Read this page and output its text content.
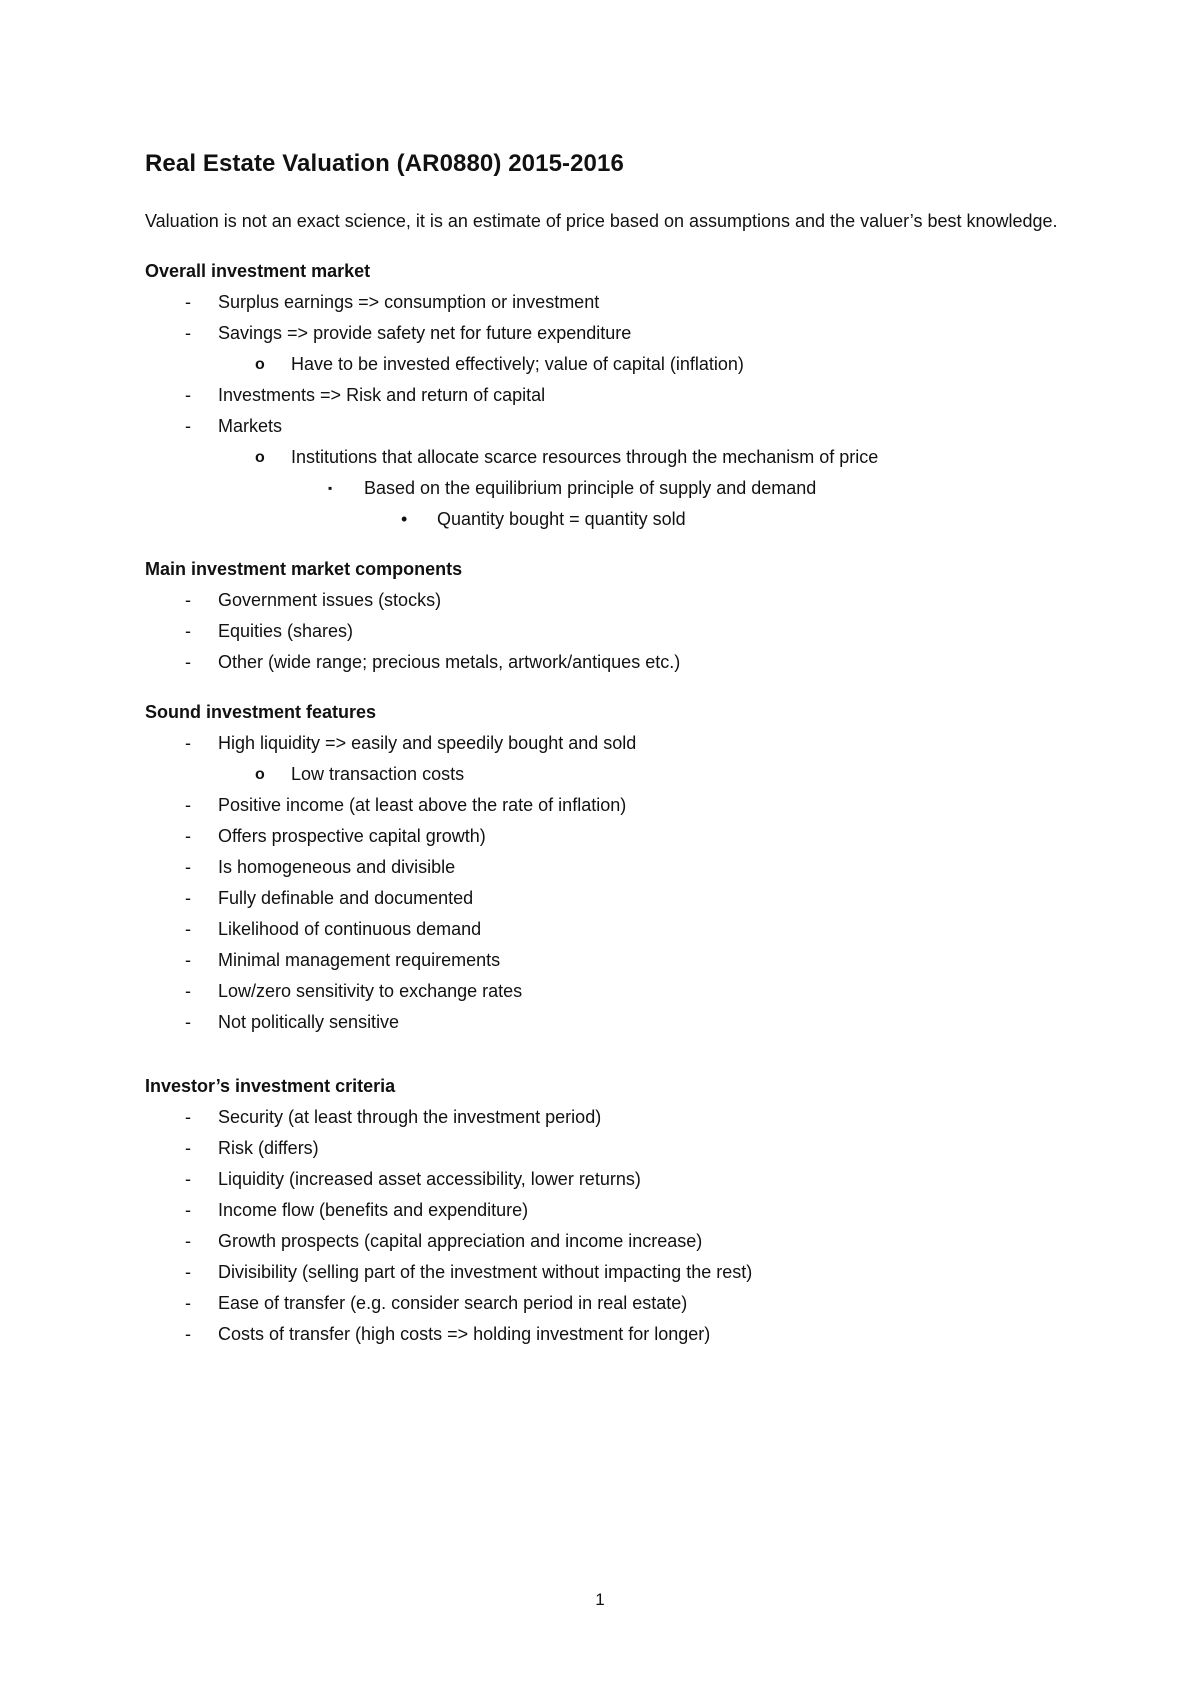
Real Estate Valuation (AR0880) 2015-2016

Valuation is not an exact science, it is an estimate of price based on assumptions and the valuer’s best knowledge.

Overall investment market
- Surplus earnings => consumption or investment
- Savings => provide safety net for future expenditure
o Have to be invested effectively; value of capital (inflation)
- Investments => Risk and return of capital
- Markets
o Institutions that allocate scarce resources through the mechanism of price
▪ Based on the equilibrium principle of supply and demand
• Quantity bought = quantity sold
Main investment market components
- Government issues (stocks)
- Equities (shares)
- Other (wide range; precious metals, artwork/antiques etc.)
Sound investment features
- High liquidity => easily and speedily bought and sold
o Low transaction costs
- Positive income (at least above the rate of inflation)
- Offers prospective capital growth)
- Is homogeneous and divisible
- Fully definable and documented
- Likelihood of continuous demand
- Minimal management requirements
- Low/zero sensitivity to exchange rates
- Not politically sensitive
Investor’s investment criteria
- Security (at least through the investment period)
- Risk (differs)
- Liquidity (increased asset accessibility, lower returns)
- Income flow (benefits and expenditure)
- Growth prospects (capital appreciation and income increase)
- Divisibility (selling part of the investment without impacting the rest)
- Ease of transfer (e.g. consider search period in real estate)
- Costs of transfer (high costs => holding investment for longer)
1
